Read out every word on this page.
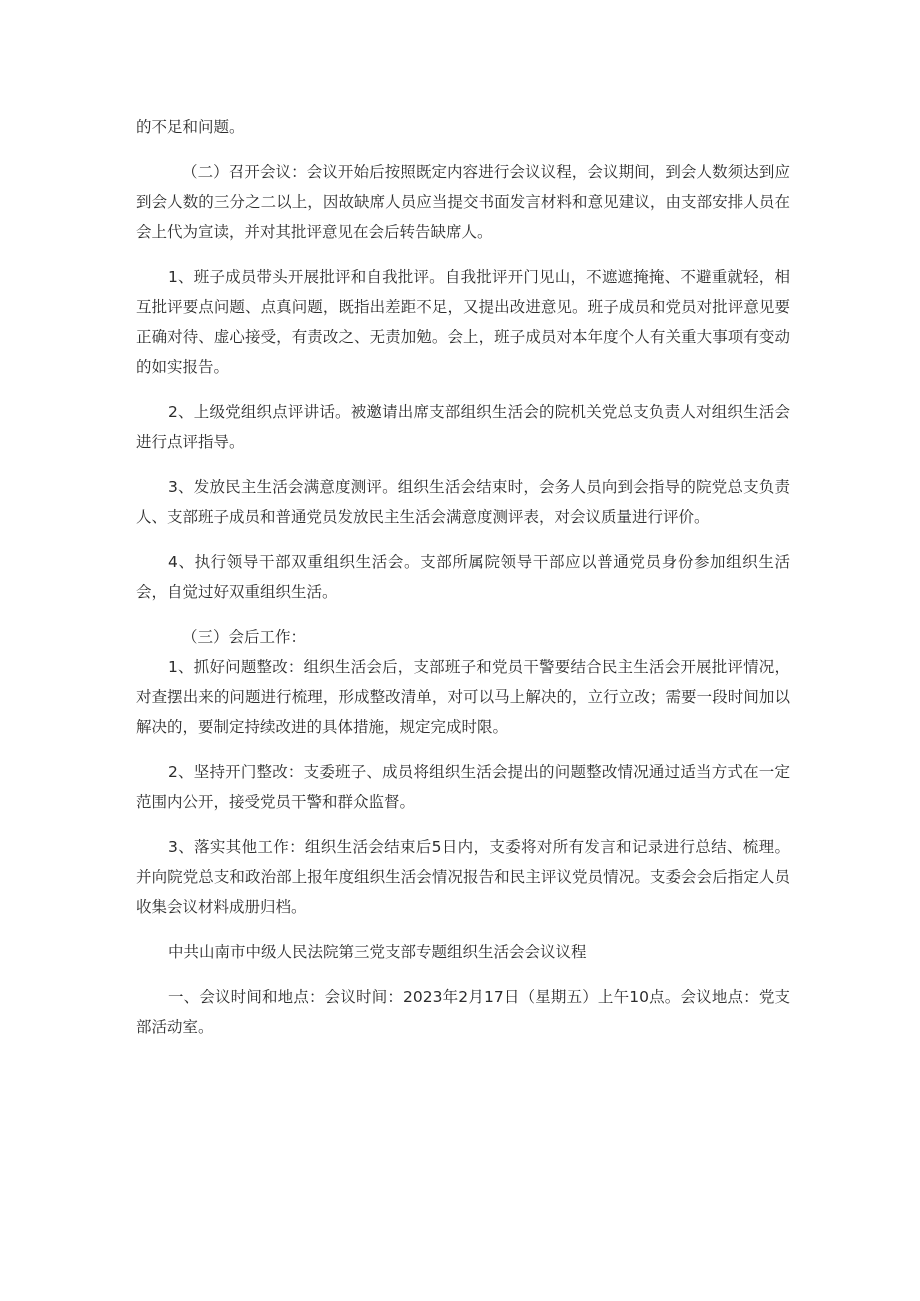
的不足和问题。

（二）召开会议：会议开始后按照既定内容进行会议议程，会议期间，到会人数须达到应到会人数的三分之二以上，因故缺席人员应当提交书面发言材料和意见建议，由支部安排人员在会上代为宣读，并对其批评意见在会后转告缺席人。

1、班子成员带头开展批评和自我批评。自我批评开门见山，不遮遮掩掩、不避重就轻，相互批评要点问题、点真问题，既指出差距不足，又提出改进意见。班子成员和党员对批评意见要正确对待、虚心接受，有责改之、无责加勉。会上，班子成员对本年度个人有关重大事项有变动的如实报告。

2、上级党组织点评讲话。被邀请出席支部组织生活会的院机关党总支负责人对组织生活会进行点评指导。

3、发放民主生活会满意度测评。组织生活会结束时，会务人员向到会指导的院党总支负责人、支部班子成员和普通党员发放民主生活会满意度测评表，对会议质量进行评价。

4、执行领导干部双重组织生活会。支部所属院领导干部应以普通党员身份参加组织生活会，自觉过好双重组织生活。

（三）会后工作：

1、抓好问题整改：组织生活会后，支部班子和党员干警要结合民主生活会开展批评情况，对查摆出来的问题进行梳理，形成整改清单，对可以马上解决的，立行立改；需要一段时间加以解决的，要制定持续改进的具体措施，规定完成时限。

2、坚持开门整改：支委班子、成员将组织生活会提出的问题整改情况通过适当方式在一定范围内公开，接受党员干警和群众监督。

3、落实其他工作：组织生活会结束后5日内，支委将对所有发言和记录进行总结、梳理。并向院党总支和政治部上报年度组织生活会情况报告和民主评议党员情况。支委会会后指定人员收集会议材料成册归档。

中共山南市中级人民法院第三党支部专题组织生活会会议议程

一、会议时间和地点：会议时间：2023年2月17日（星期五）上午10点。会议地点：党支部活动室。
